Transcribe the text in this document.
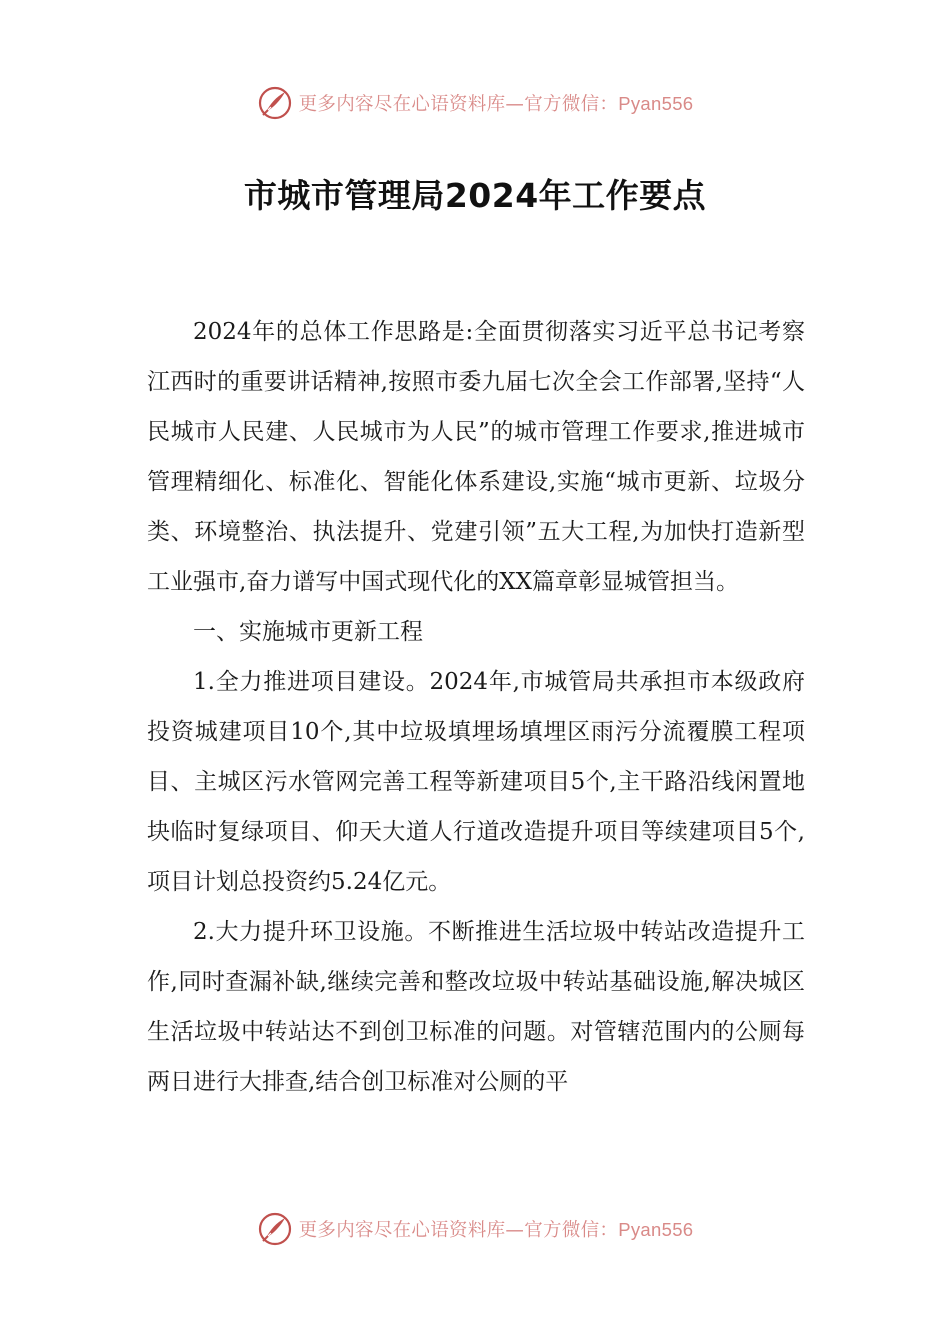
更多内容尽在心语资料库—官方微信：Pyan556
市城市管理局2024年工作要点

2024年的总体工作思路是:全面贯彻落实习近平总书记考察江西时的重要讲话精神,按照市委九届七次全会工作部署,坚持“人民城市人民建、人民城市为人民”的城市管理工作要求,推进城市管理精细化、标准化、智能化体系建设,实施“城市更新、垃圾分类、环境整治、执法提升、党建引领”五大工程,为加快打造新型工业强市,奋力谱写中国式现代化的XX篇章彰显城管担当。

一、实施城市更新工程

1.全力推进项目建设。2024年,市城管局共承担市本级政府投资城建项目10个,其中垃圾填埋场填埋区雨污分流覆膜工程项目、主城区污水管网完善工程等新建项目5个,主干路沿线闲置地块临时复绿项目、仰天大道人行道改造提升项目等续建项目5个,项目计划总投资约5.24亿元。

2.大力提升环卫设施。不断推进生活垃圾中转站改造提升工作,同时查漏补缺,继续完善和整改垃圾中转站基础设施,解决城区生活垃圾中转站达不到创卫标准的问题。对管辖范围内的公厕每两日进行大排查,结合创卫标准对公厕的平

更多内容尽在心语资料库—官方微信：Pyan556
